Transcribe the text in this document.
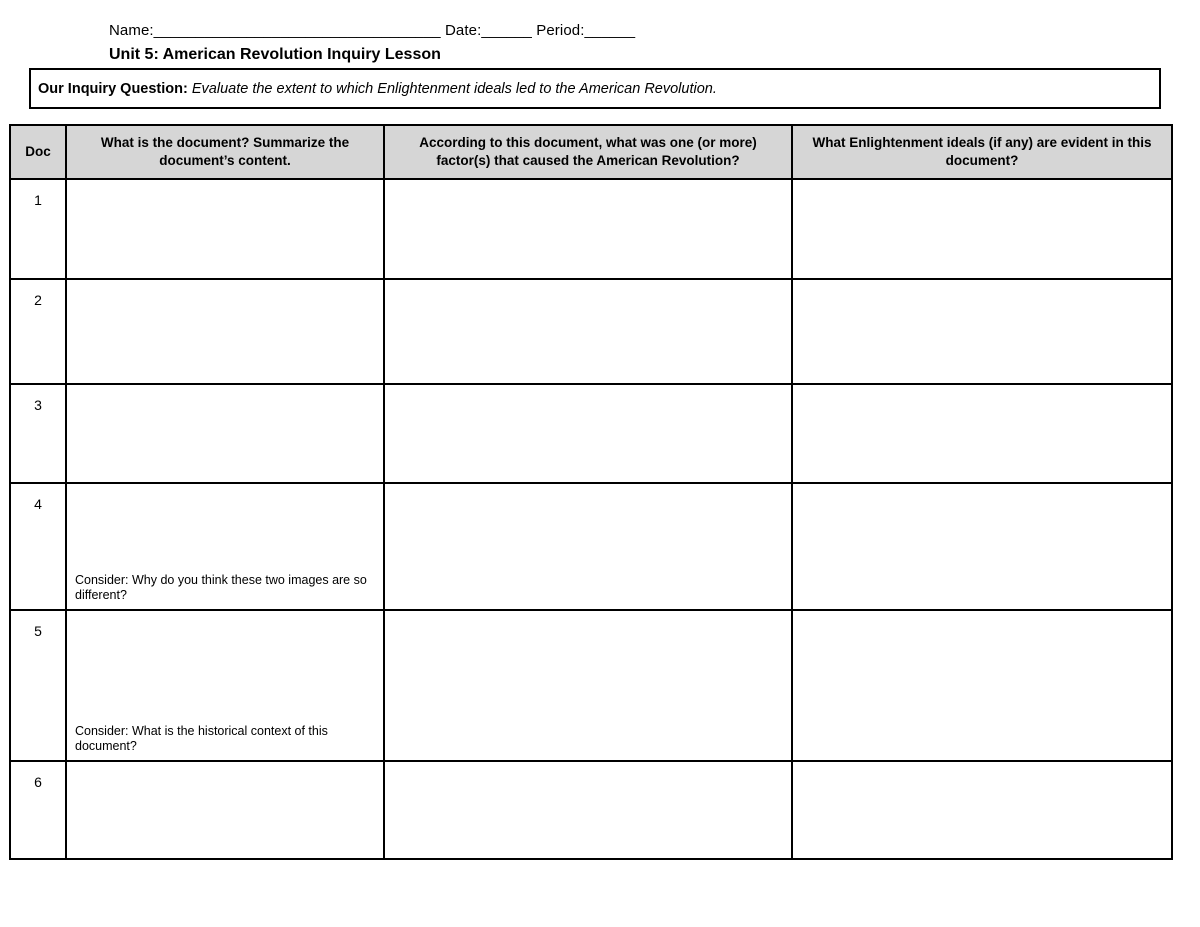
Name:__________________________________ Date:______ Period:______
Unit 5: American Revolution Inquiry Lesson
Our Inquiry Question: Evaluate the extent to which Enlightenment ideals led to the American Revolution.
Doc	What is the document? Summarize the document’s content.	According to this document, what was one (or more) factor(s) that caused the American Revolution?	What Enlightenment ideals (if any) are evident in this document?
1			
2			
3			
4	Consider: Why do you think these two images are so different?		

5	Consider: What is the historical context of this document?		

6			
